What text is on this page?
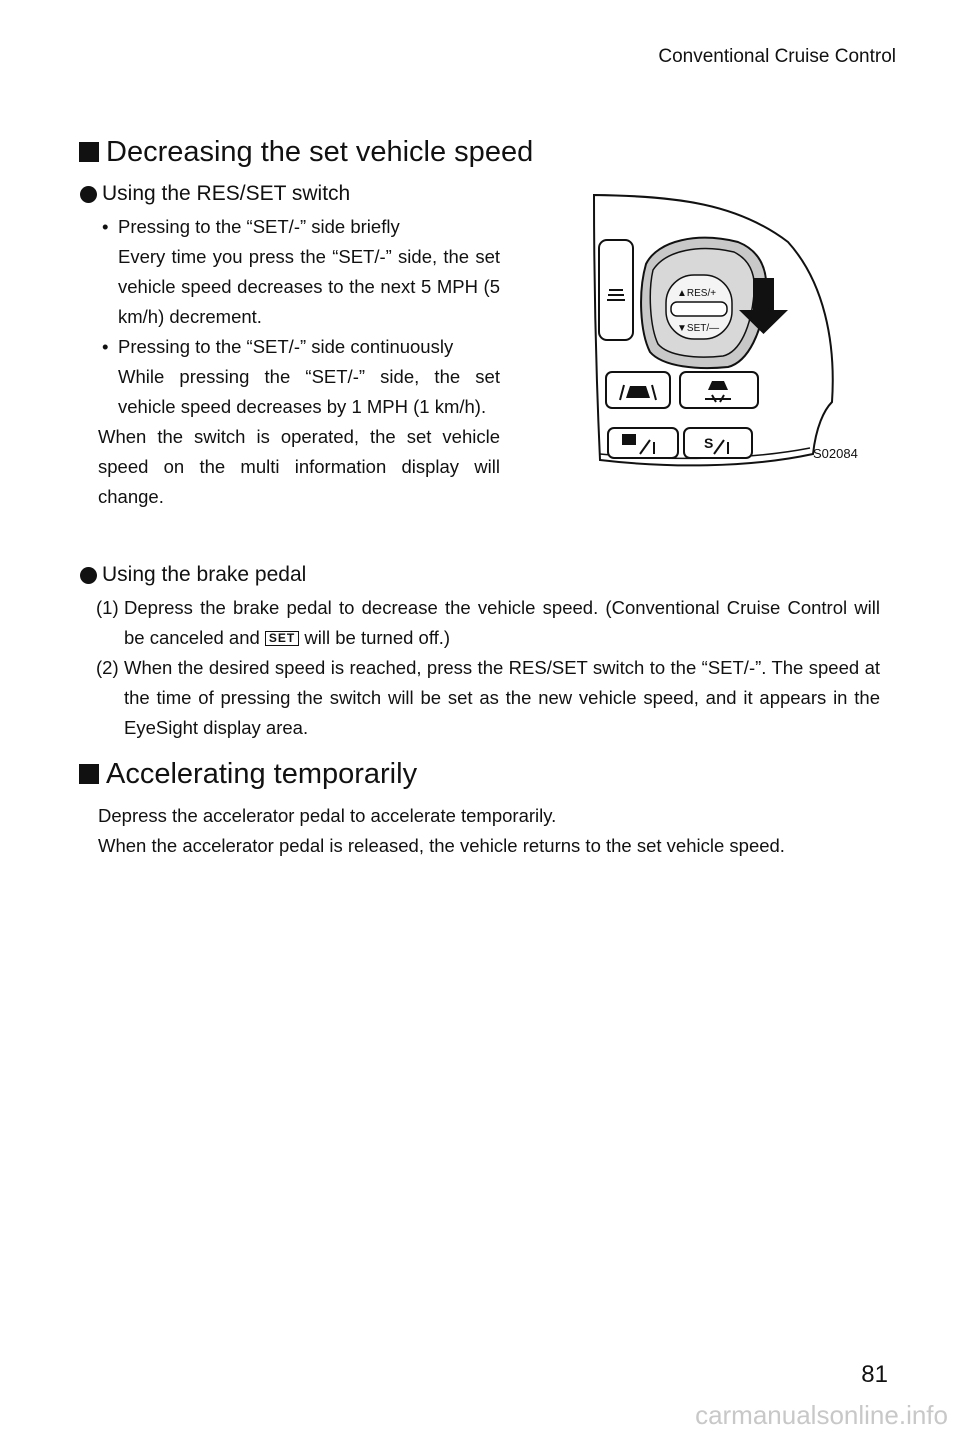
Conventional Cruise Control
Decreasing the set vehicle speed
Using the RES/SET switch
• Pressing to the “SET/-” side briefly
Every time you press the “SET/-” side, the set vehicle speed decreases to the next 5 MPH (5 km/h) decrement.
• Pressing to the “SET/-” side continuously
While pressing the “SET/-” side, the set vehicle speed decreases by 1 MPH (1 km/h).
When the switch is operated, the set vehicle speed on the multi information display will change.
▲RES/+
▼SET/—
S
S02084
Using the brake pedal
(1) Depress the brake pedal to decrease the vehicle speed. (Conventional Cruise Control will be canceled and SET will be turned off.)
(2) When the desired speed is reached, press the RES/SET switch to the “SET/-”. The speed at the time of pressing the switch will be set as the new vehicle speed, and it appears in the EyeSight display area.
Accelerating temporarily
Depress the accelerator pedal to accelerate temporarily.
When the accelerator pedal is released, the vehicle returns to the set vehicle speed.
81
carmanualsonline.info
